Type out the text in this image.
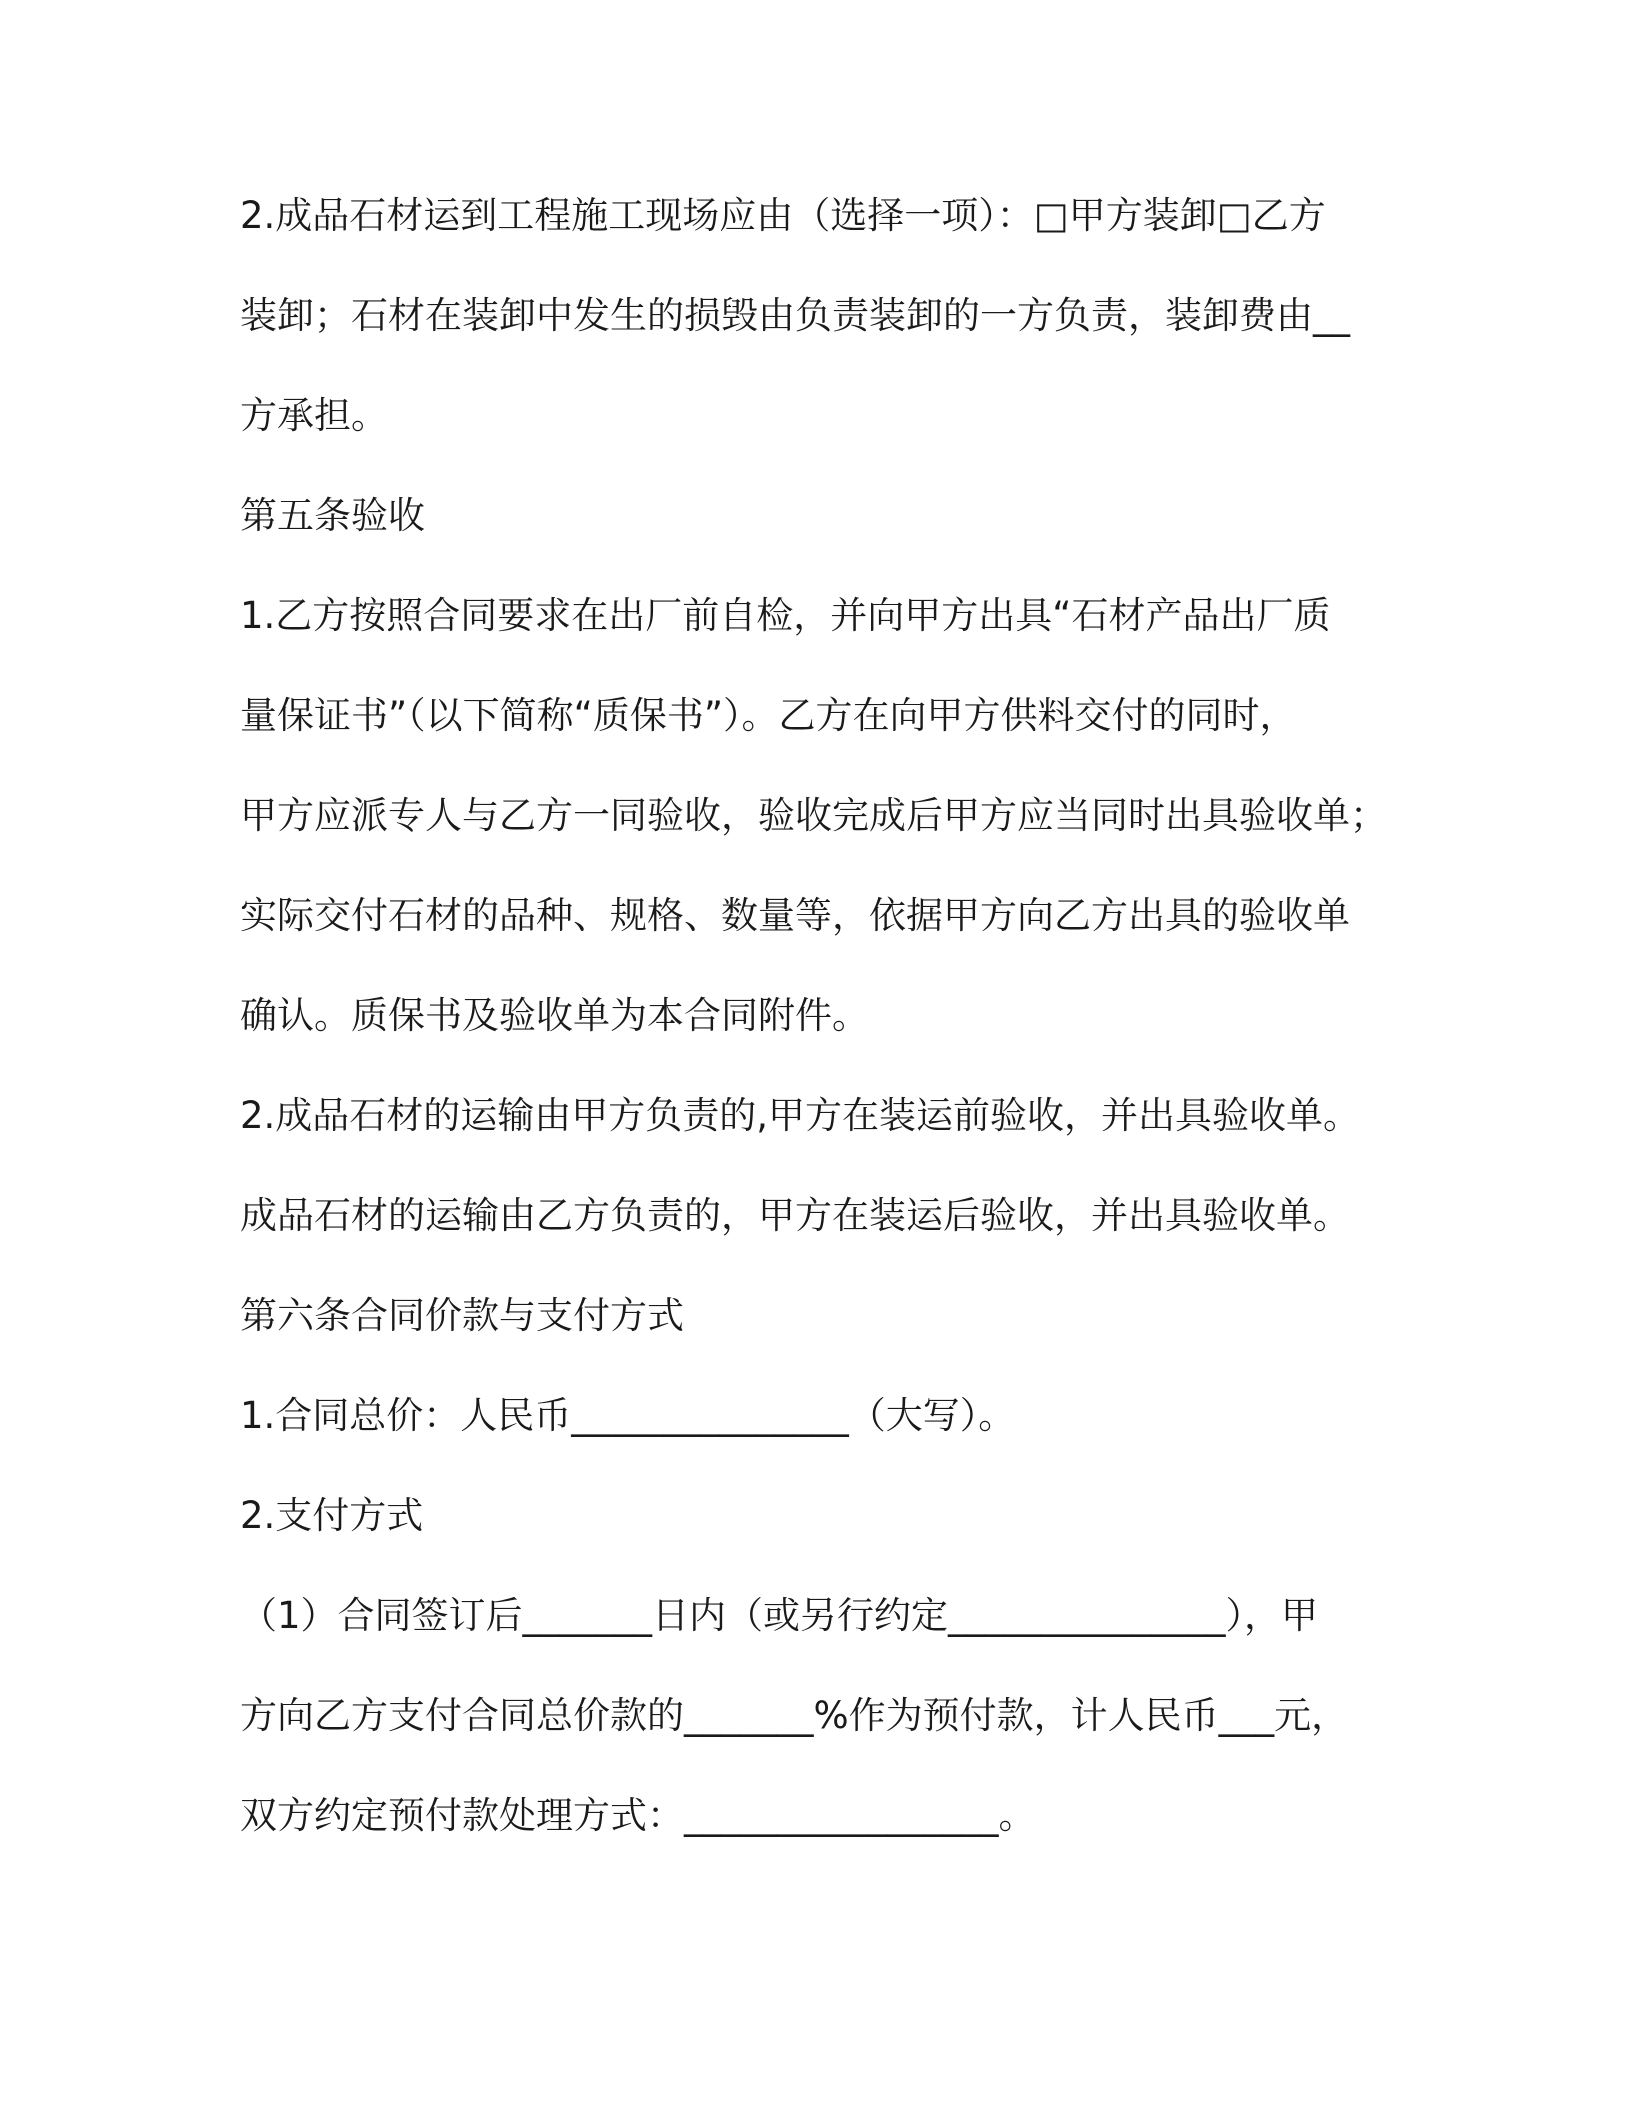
2.成品石材运到工程施工现场应由（选择一项）：□甲方装卸□乙方
装卸；石材在装卸中发生的损毁由负责装卸的一方负责，装卸费由__
方承担。
第五条验收
1.乙方按照合同要求在出厂前自检，并向甲方出具“石材产品出厂质
量保证书”（以下简称“质保书”）。乙方在向甲方供料交付的同时，
甲方应派专人与乙方一同验收，验收完成后甲方应当同时出具验收单；
实际交付石材的品种、规格、数量等，依据甲方向乙方出具的验收单
确认。质保书及验收单为本合同附件。
2.成品石材的运输由甲方负责的,甲方在装运前验收，并出具验收单。
成品石材的运输由乙方负责的，甲方在装运后验收，并出具验收单。
第六条合同价款与支付方式
1.合同总价：人民币_______________（大写）。
2.支付方式
（1）合同签订后_______日内（或另行约定_______________），甲
方向乙方支付合同总价款的_______%作为预付款，计人民币___元，
双方约定预付款处理方式：_________________。
